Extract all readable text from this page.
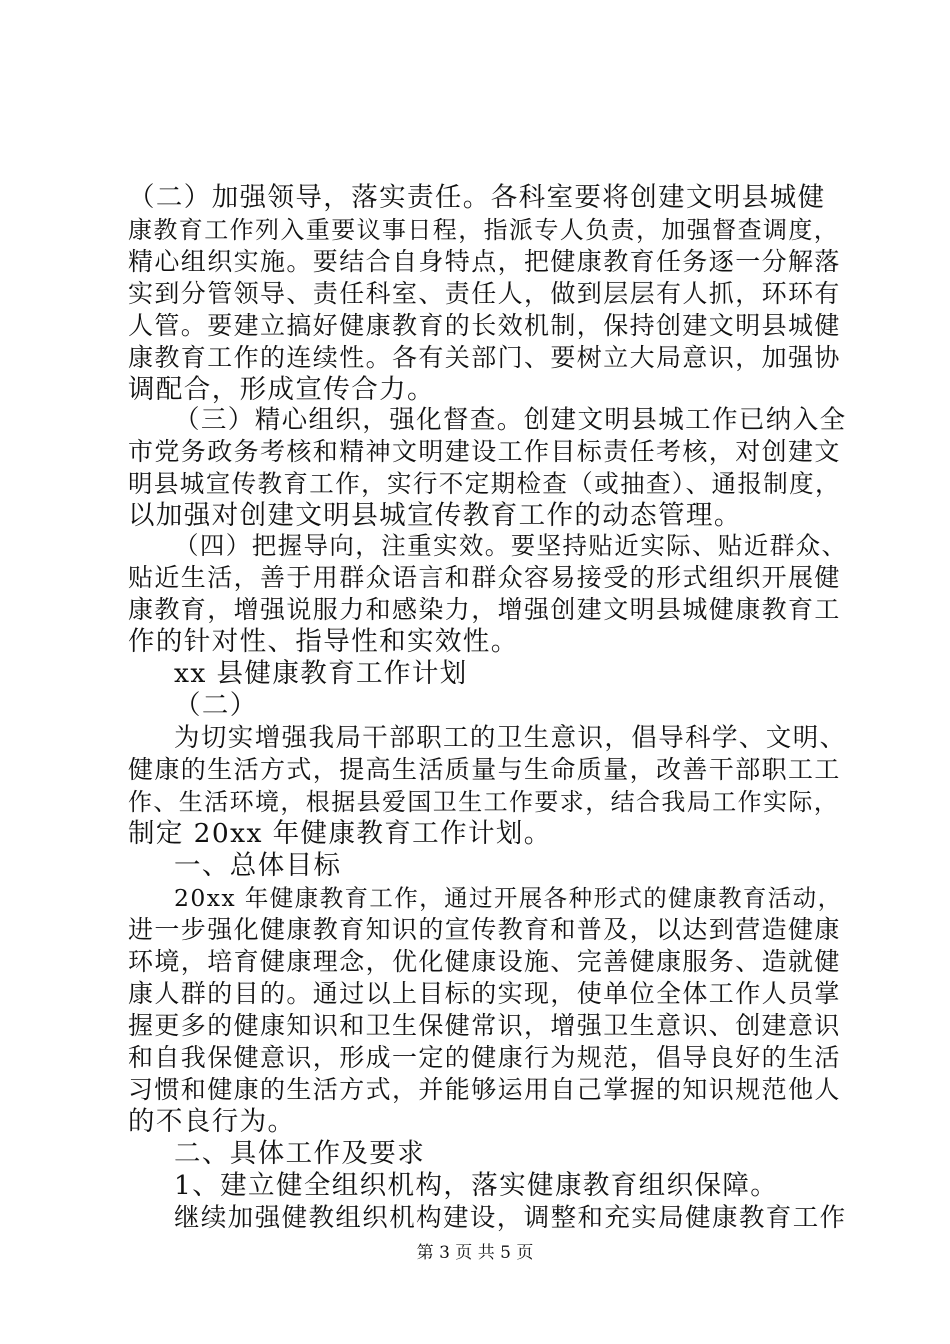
（二）加强领导，落实责任。各科室要将创建文明县城健
康教育工作列入重要议事日程，指派专人负责，加强督查调度，
精心组织实施。要结合自身特点，把健康教育任务逐一分解落
实到分管领导、责任科室、责任人，做到层层有人抓，环环有
人管。要建立搞好健康教育的长效机制，保持创建文明县城健
康教育工作的连续性。各有关部门、要树立大局意识，加强协
调配合，形成宣传合力。
（三）精心组织，强化督查。创建文明县城工作已纳入全
市党务政务考核和精神文明建设工作目标责任考核，对创建文
明县城宣传教育工作，实行不定期检查（或抽查）、通报制度，
以加强对创建文明县城宣传教育工作的动态管理。
（四）把握导向，注重实效。要坚持贴近实际、贴近群众、
贴近生活，善于用群众语言和群众容易接受的形式组织开展健
康教育，增强说服力和感染力，增强创建文明县城健康教育工
作的针对性、指导性和实效性。
xx 县健康教育工作计划
（二）
为切实增强我局干部职工的卫生意识，倡导科学、文明、
健康的生活方式，提高生活质量与生命质量，改善干部职工工
作、生活环境，根据县爱国卫生工作要求，结合我局工作实际，
制定 20xx 年健康教育工作计划。
一、总体目标
20xx 年健康教育工作，通过开展各种形式的健康教育活动，
进一步强化健康教育知识的宣传教育和普及，以达到营造健康
环境，培育健康理念，优化健康设施、完善健康服务、造就健
康人群的目的。通过以上目标的实现，使单位全体工作人员掌
握更多的健康知识和卫生保健常识，增强卫生意识、创建意识
和自我保健意识，形成一定的健康行为规范，倡导良好的生活
习惯和健康的生活方式，并能够运用自己掌握的知识规范他人
的不良行为。
二、具体工作及要求
1、建立健全组织机构，落实健康教育组织保障。
继续加强健教组织机构建设，调整和充实局健康教育工作
第 3 页 共 5 页
